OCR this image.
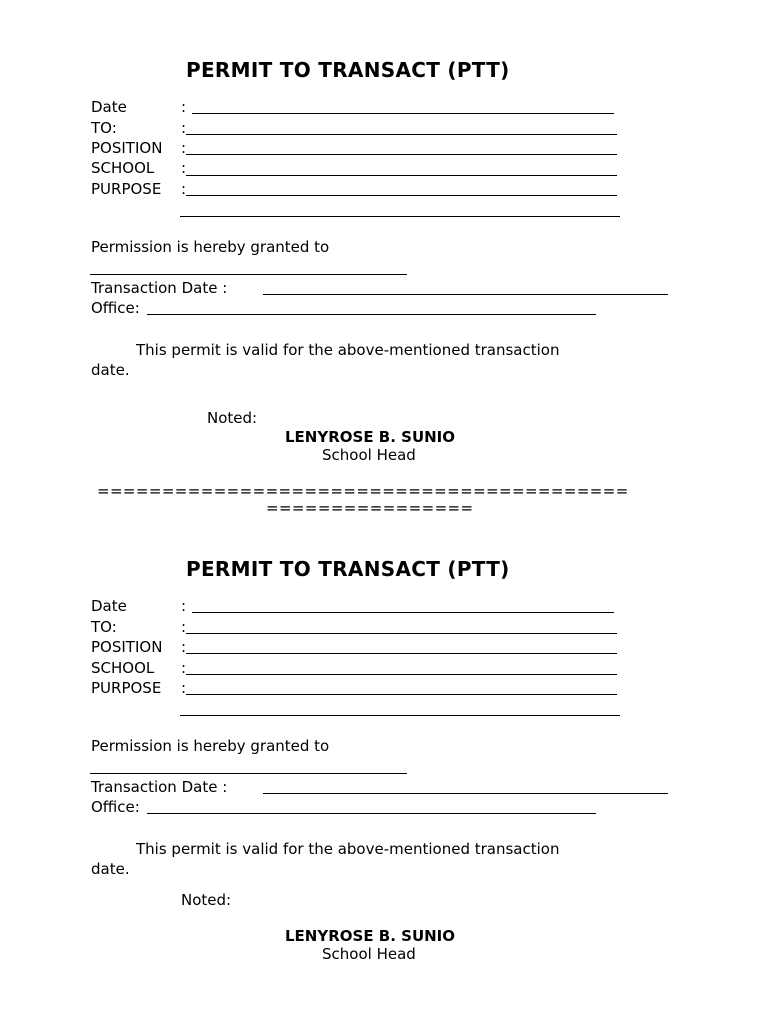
PERMIT TO TRANSACT (PTT)
Date	:
TO:	:
POSITION :
SCHOOL :
PURPOSE :
Permission is hereby granted to
Transaction Date :
Office:
This permit is valid for the above-mentioned transaction
date.
Noted:
LENYROSE B. SUNIO
School Head
=========================================
================
PERMIT TO TRANSACT (PTT)
Date	:
TO:	:
POSITION :
SCHOOL :
PURPOSE :
Permission is hereby granted to
Transaction Date :
Office:
This permit is valid for the above-mentioned transaction
date.
Noted:
LENYROSE B. SUNIO
School Head
